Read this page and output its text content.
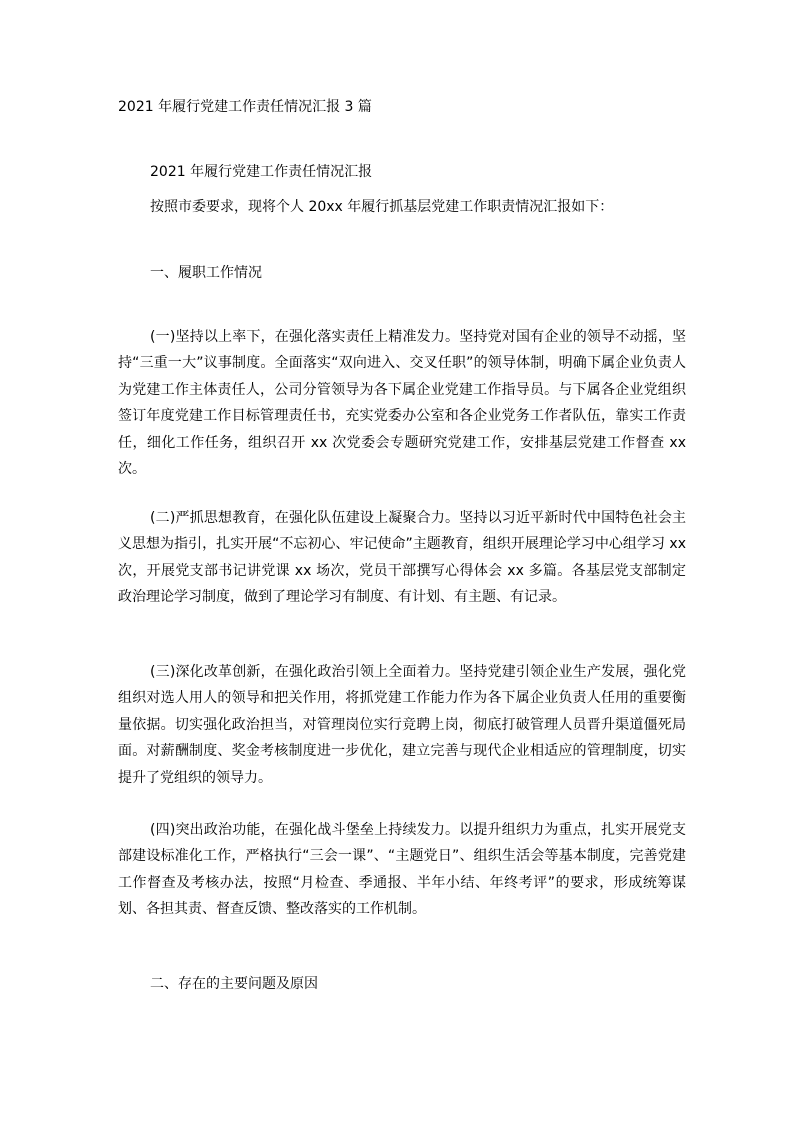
2021 年履行党建工作责任情况汇报 3 篇

2021 年履行党建工作责任情况汇报

按照市委要求，现将个人 20xx 年履行抓基层党建工作职责情况汇报如下：

一、履职工作情况

(一)坚持以上率下，在强化落实责任上精准发力。坚持党对国有企业的领导不动摇，坚持“三重一大”议事制度。全面落实“双向进入、交叉任职”的领导体制，明确下属企业负责人为党建工作主体责任人，公司分管领导为各下属企业党建工作指导员。与下属各企业党组织签订年度党建工作目标管理责任书，充实党委办公室和各企业党务工作者队伍，靠实工作责任，细化工作任务，组织召开 xx 次党委会专题研究党建工作，安排基层党建工作督查 xx 次。
(二)严抓思想教育，在强化队伍建设上凝聚合力。坚持以习近平新时代中国特色社会主义思想为指引，扎实开展“不忘初心、牢记使命”主题教育，组织开展理论学习中心组学习 xx 次，开展党支部书记讲党课 xx 场次，党员干部撰写心得体会 xx 多篇。各基层党支部制定政治理论学习制度，做到了理论学习有制度、有计划、有主题、有记录。
(三)深化改革创新，在强化政治引领上全面着力。坚持党建引领企业生产发展，强化党组织对选人用人的领导和把关作用，将抓党建工作能力作为各下属企业负责人任用的重要衡量依据。切实强化政治担当，对管理岗位实行竞聘上岗，彻底打破管理人员晋升渠道僵死局面。对薪酬制度、奖金考核制度进一步优化，建立完善与现代企业相适应的管理制度，切实提升了党组织的领导力。
(四)突出政治功能，在强化战斗堡垒上持续发力。以提升组织力为重点，扎实开展党支部建设标准化工作，严格执行“三会一课”、“主题党日”、组织生活会等基本制度，完善党建工作督查及考核办法，按照“月检查、季通报、半年小结、年终考评”的要求，形成统筹谋划、各担其责、督查反馈、整改落实的工作机制。

二、存在的主要问题及原因
